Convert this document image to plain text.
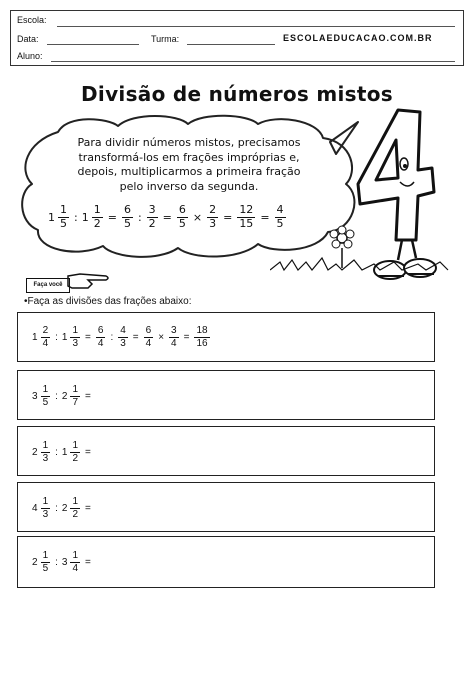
Escola:
Data:	Turma:	ESCOLAEDUCACAO.COM.BR
Aluno:
Divisão de números mistos
Para dividir números mistos, precisamos
transformá-los em frações impróprias e,
depois, multiplicarmos a primeira fração
pelo inverso da segunda.
$1 \frac{1}{5}$ : $1 \frac{1}{2} = \frac{6}{5}$ : $\frac{3}{2} = \frac{6}{5} \times \frac{2}{3} = \frac{12}{15} = \frac{4}{5}$
Faça você
•Faça as divisões das frações abaixo:
$1 \frac{2}{4}$ : $1 \frac{1}{3} = \frac{6}{4}$ : $\frac{4}{3} = \frac{6}{4} \times \frac{3}{4} = \frac{18}{16}$
$3 \frac{1}{5}$ : $2 \frac{1}{7}$ =
$2 \frac{1}{3}$ : $1 \frac{1}{2}$ =
$4 \frac{1}{3}$ : $2 \frac{1}{2}$ =
$2 \frac{1}{5}$ : $3 \frac{1}{4}$ =
